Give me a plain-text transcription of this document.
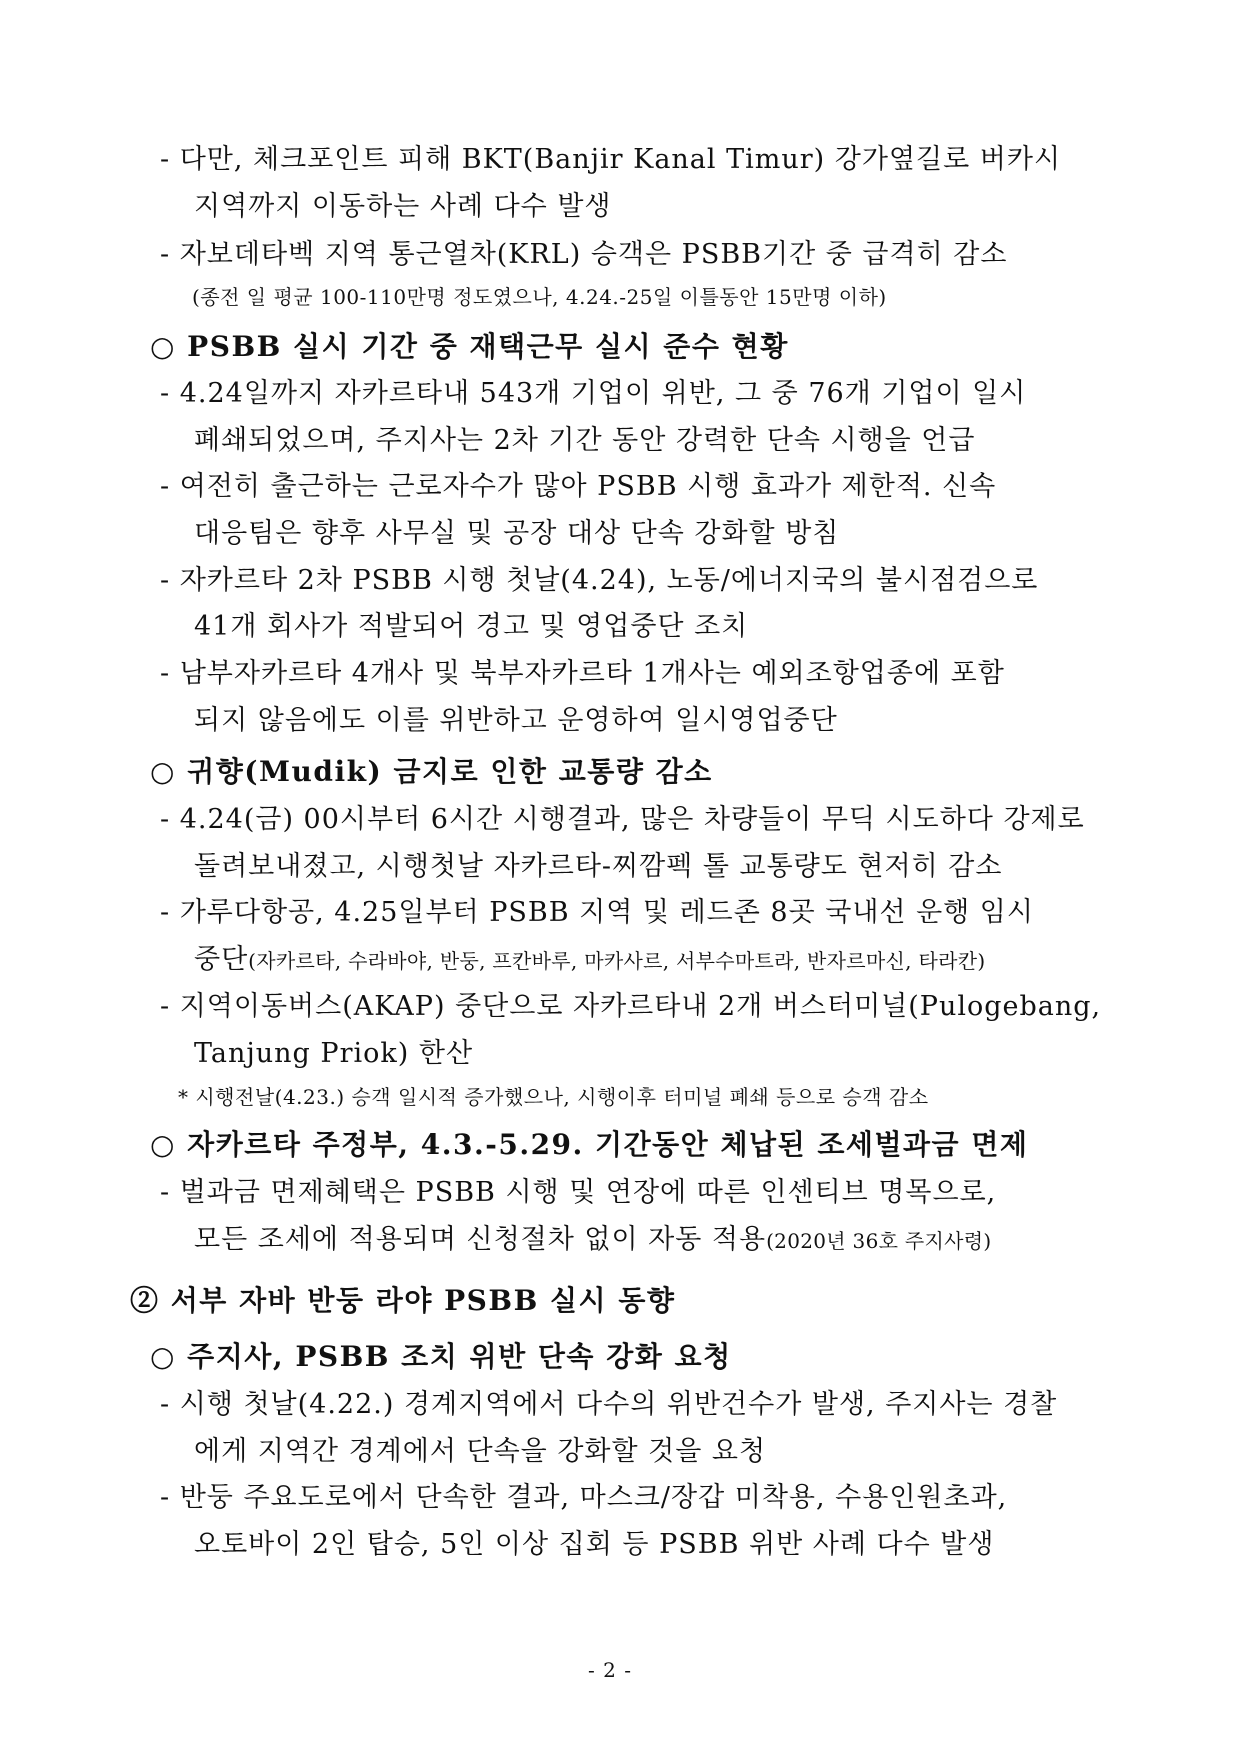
- 다만, 체크포인트 피해 BKT(Banjir Kanal Timur) 강가옆길로 버카시
지역까지 이동하는 사례 다수 발생
- 자보데타벡 지역 통근열차(KRL) 승객은 PSBB기간 중 급격히 감소
(종전 일 평균 100-110만명 정도였으나, 4.24.-25일 이틀동안 15만명 이하)
○ PSBB 실시 기간 중 재택근무 실시 준수 현황
- 4.24일까지 자카르타내 543개 기업이 위반, 그 중 76개 기업이 일시
폐쇄되었으며, 주지사는 2차 기간 동안 강력한 단속 시행을 언급
- 여전히 출근하는 근로자수가 많아 PSBB 시행 효과가 제한적. 신속
대응팀은 향후 사무실 및 공장 대상 단속 강화할 방침
- 자카르타 2차 PSBB 시행 첫날(4.24), 노동/에너지국의 불시점검으로
41개 회사가 적발되어 경고 및 영업중단 조치
- 남부자카르타 4개사 및 북부자카르타 1개사는 예외조항업종에 포함
되지 않음에도 이를 위반하고 운영하여 일시영업중단
○ 귀향(Mudik) 금지로 인한 교통량 감소
- 4.24(금) 00시부터 6시간 시행결과, 많은 차량들이 무딕 시도하다 강제로
돌려보내졌고, 시행첫날 자카르타-찌깜펙 톨 교통량도 현저히 감소
- 가루다항공, 4.25일부터 PSBB 지역 및 레드존 8곳 국내선 운행 임시
중단(자카르타, 수라바야, 반둥, 프칸바루, 마카사르, 서부수마트라, 반자르마신, 타라칸)
- 지역이동버스(AKAP) 중단으로 자카르타내 2개 버스터미널(Pulogebang,
Tanjung Priok) 한산
* 시행전날(4.23.) 승객 일시적 증가했으나, 시행이후 터미널 폐쇄 등으로 승객 감소
○ 자카르타 주정부, 4.3.-5.29. 기간동안 체납된 조세벌과금 면제
- 벌과금 면제혜택은 PSBB 시행 및 연장에 따른 인센티브 명목으로,
모든 조세에 적용되며 신청절차 없이 자동 적용(2020년 36호 주지사령)
② 서부 자바 반둥 라야 PSBB 실시 동향
○ 주지사, PSBB 조치 위반 단속 강화 요청
- 시행 첫날(4.22.) 경계지역에서 다수의 위반건수가 발생, 주지사는 경찰
에게 지역간 경계에서 단속을 강화할 것을 요청
- 반둥 주요도로에서 단속한 결과, 마스크/장갑 미착용, 수용인원초과,
오토바이 2인 탑승, 5인 이상 집회 등 PSBB 위반 사례 다수 발생
- 2 -
